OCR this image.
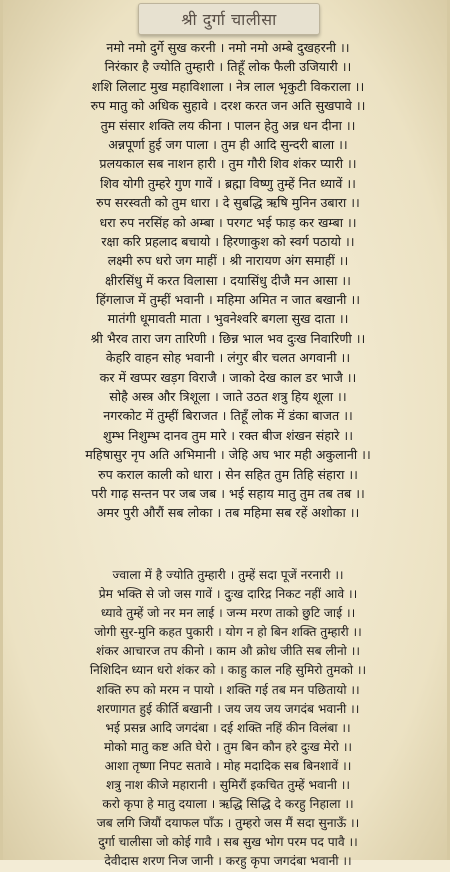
श्री दुर्गा चालीसा
नमो नमो दुर्गे सुख करनी । नमो नमो अम्बे दुखहरनी ।।
निरंकार है ज्योति तुम्हारी । तिहूँ लोक फैली उजियारी ।।
शशि लिलाट मुख महाविशाला । नेत्र लाल भृकुटी विकराला ।।
रुप मातु को अधिक सुहावे । दरश करत जन अति सुखपावे ।।
तुम संसार शक्ति लय कीना । पालन हेतु अन्न धन दीना ।।
अन्नपूर्णा हुई जग पाला । तुम ही आदि सुन्दरी बाला ।।
प्रलयकाल सब नाशन हारी । तुम गौरी शिव शंकर प्यारी ।।
शिव योगी तुम्हरे गुण गावें । ब्रह्मा विष्णु तुम्हें नित ध्यावें ।।
रुप सरस्वती को तुम धारा । दे सुबद्धि ऋषि मुनिन उबारा ।।
धरा रुप नरसिंह को अम्बा । परगट भई फाड़ कर खम्बा ।।
रक्षा करि प्रहलाद बचायो । हिरणाकुश को स्वर्ग पठायो ।।
लक्ष्मी रुप धरो जग माहीं । श्री नारायण अंग समाहीं ।।
क्षीरसिंधु में करत विलासा । दयासिंधु दीजै मन आसा ।।
हिंगलाज में तुम्हीं भवानी । महिमा अमित न जात बखानी ।।
मातंगी धूमावती माता । भुवनेश्वरि बगला सुख दाता ।।
श्री भैरव तारा जग तारिणी । छिन्न भाल भव दुःख निवारिणी ।।
केहरि वाहन सोह भवानी । लंगुर बीर चलत अगवानी ।।
कर में खप्पर खड़ग विराजै । जाको देख काल डर भाजै ।।
सोहै अस्त्र और त्रिशूला । जाते उठत शत्रु हिय शूला ।।
नगरकोट में तुम्हीं बिराजत । तिहूँ लोक में डंका बाजत ।।
शुम्भ निशुम्भ दानव तुम मारे । रक्त बीज शंखन संहारे ।।
महिषासुर नृप अति अभिमानी । जेहि अघ भार मही अकुलानी ।।
रुप कराल काली को धारा । सेन सहित तुम तिहि संहारा ।।
परी गाढ़ सन्तन पर जब जब । भई सहाय मातु तुम तब तब ।।
अमर पुरी औरौं सब लोका । तब महिमा सब रहें अशोका ।।
ज्वाला में है ज्योति तुम्हारी । तुम्हें सदा पूजें नरनारी ।।
प्रेम भक्ति से जो जस गावें । दुःख दारिद्र निकट नहीं आवे ।।
ध्यावे तुम्हें जो नर मन लाई । जन्म मरण ताको छुटि जाई ।।
जोगी सुर-मुनि कहत पुकारी । योग न हो बिन शक्ति तुम्हारी ।।
शंकर आचारज तप कीनो । काम औ क्रोध जीति सब लीनो ।।
निशिदिन ध्यान धरो शंकर को । काहु काल नहि सुमिरो तुमको ।।
शक्ति रुप को मरम न पायो । शक्ति गई तब मन पछितायो ।।
शरणागत हुई कीर्ति बखानी । जय जय जय जगदंब भवानी ।।
भई प्रसन्न आदि जगदंबा । दई शक्ति नहिं कीन विलंबा ।।
मोको मातु कष्ट अति घेरो । तुम बिन कौन हरे दुःख मेरो ।।
आशा तृष्णा निपट सतावे । मोह मदादिक सब बिनशावें ।।
शत्रु नाश कीजे महारानी । सुमिरौं इकचित तुम्हें भवानी ।।
करो कृपा हे मातु दयाला । ऋद्धि सिद्धि दे करहु निहाला ।।
जब लगि जियौं दयाफल पाँऊ । तुम्हरो जस मैं सदा सुनाऊँ ।।
दुर्गा चालीसा जो कोई गावै । सब सुख भोग परम पद पावै ।।
देवीदास शरण निज जानी । करहु कृपा जगदंबा भवानी ।।
